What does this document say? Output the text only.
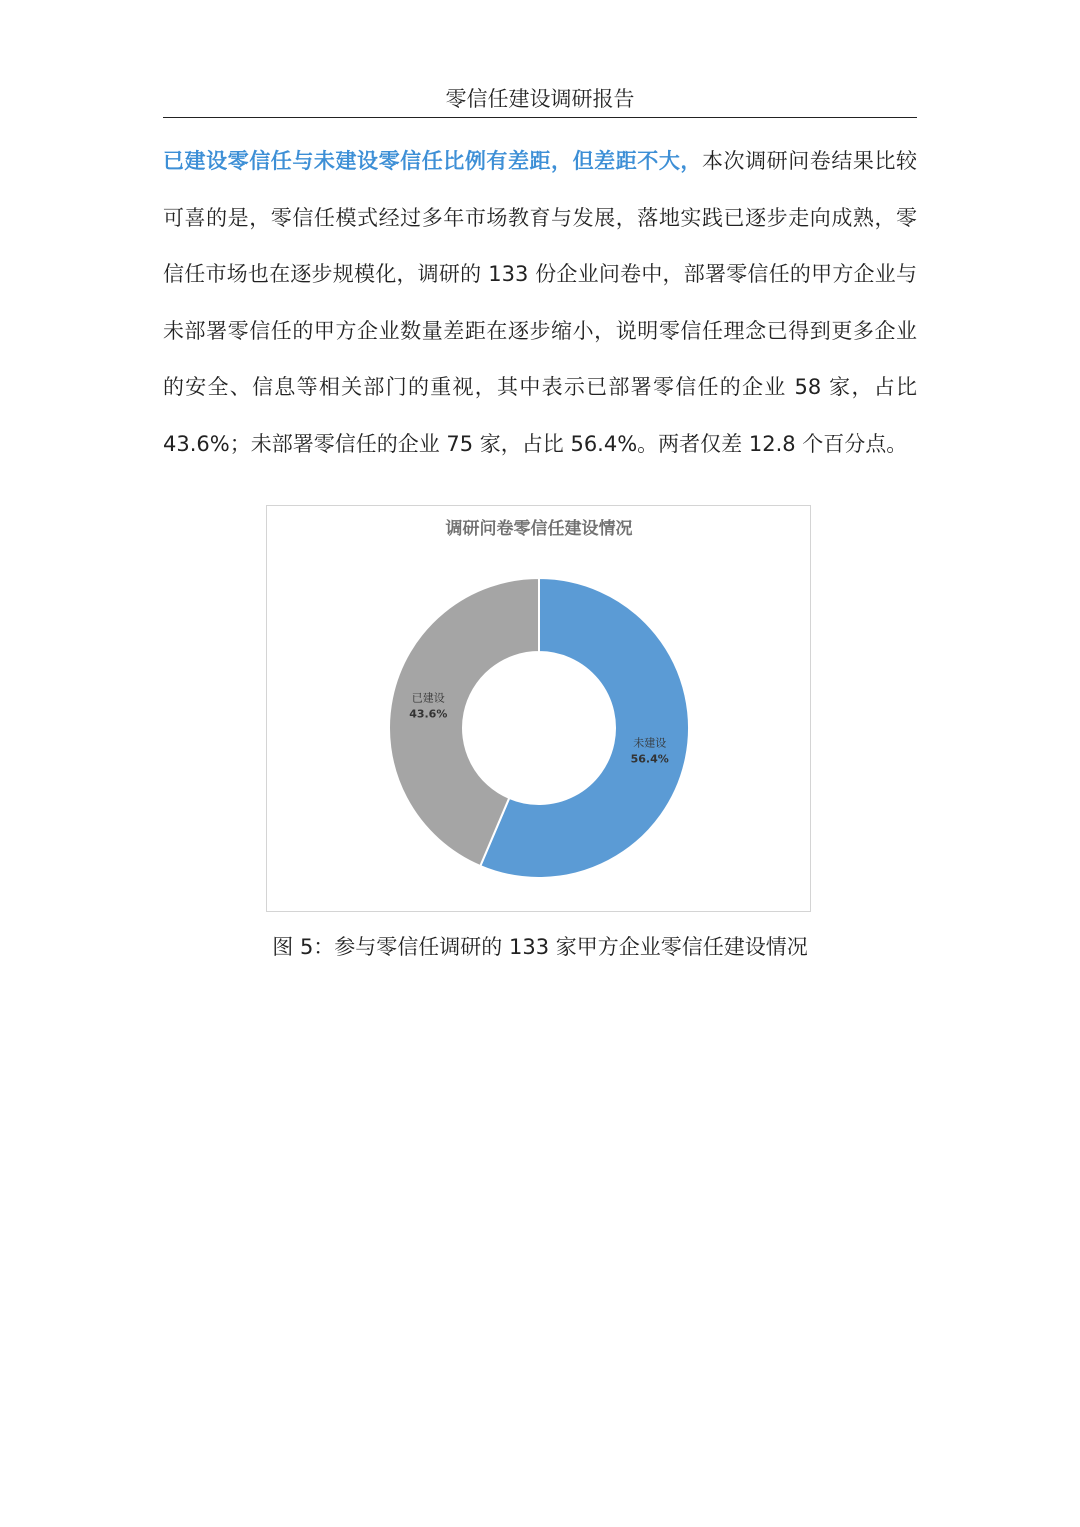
零信任建设调研报告

已建设零信任与未建设零信任比例有差距，但差距不大，本次调研问卷结果比较可喜的是，零信任模式经过多年市场教育与发展，落地实践已逐步走向成熟，零信任市场也在逐步规模化，调研的 133 份企业问卷中，部署零信任的甲方企业与未部署零信任的甲方企业数量差距在逐步缩小，说明零信任理念已得到更多企业的安全、信息等相关部门的重视，其中表示已部署零信任的企业 58 家，占比 43.6%；未部署零信任的企业 75 家，占比 56.4%。两者仅差 12.8 个百分点。

调研问卷零信任建设情况
未建设
56.4%
已建设
43.6%
图 5：参与零信任调研的 133 家甲方企业零信任建设情况
